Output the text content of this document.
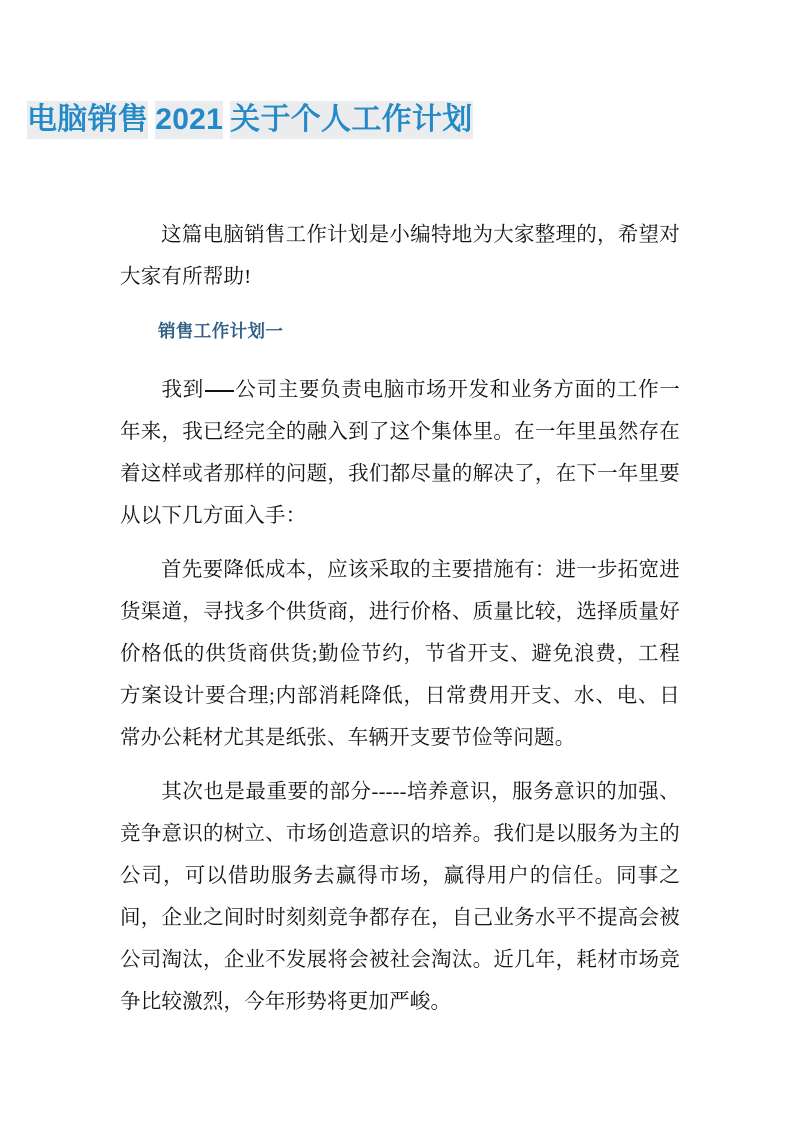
电脑销售 2021 关于个人工作计划

这篇电脑销售工作计划是小编特地为大家整理的，希望对大家有所帮助!

销售工作计划一

我到 公司主要负责电脑市场开发和业务方面的工作一年来，我已经完全的融入到了这个集体里。在一年里虽然存在着这样或者那样的问题，我们都尽量的解决了，在下一年里要从以下几方面入手：

首先要降低成本，应该采取的主要措施有：进一步拓宽进货渠道，寻找多个供货商，进行价格、质量比较，选择质量好价格低的供货商供货;勤俭节约，节省开支、避免浪费，工程方案设计要合理;内部消耗降低，日常费用开支、水、电、日常办公耗材尤其是纸张、车辆开支要节俭等问题。

其次也是最重要的部分-----培养意识，服务意识的加强、竞争意识的树立、市场创造意识的培养。我们是以服务为主的公司，可以借助服务去赢得市场，赢得用户的信任。同事之间，企业之间时时刻刻竞争都存在，自己业务水平不提高会被公司淘汰，企业不发展将会被社会淘汰。近几年，耗材市场竞争比较激烈，今年形势将更加严峻。
